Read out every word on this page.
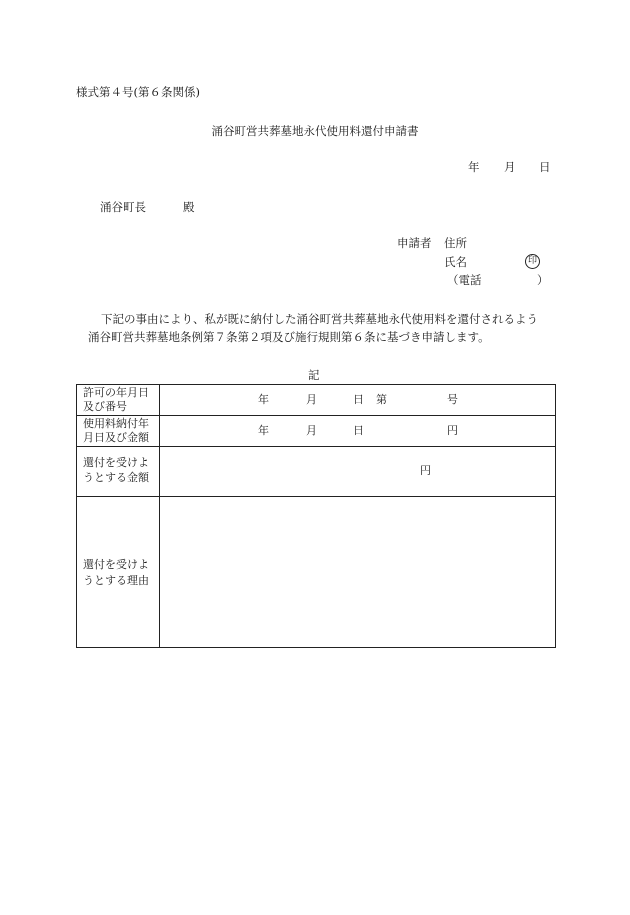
様式第４号(第６条関係)
涌谷町営共葬墓地永代使用料還付申請書
年 月 日
涌谷町長	殿
申請者 住所
氏名	印
（電話	）
下記の事由により、私が既に納付した涌谷町営共葬墓地永代使用料を還付されるよう
涌谷町営共葬墓地条例第７条第２項及び施行規則第６条に基づき申請します。
記
許可の年月日
及び番号
年	月	日 第	号
使用料納付年
月日及び金額
年	月	日	円
還付を受けよ
うとする金額
円
還付を受けよ
うとする理由
